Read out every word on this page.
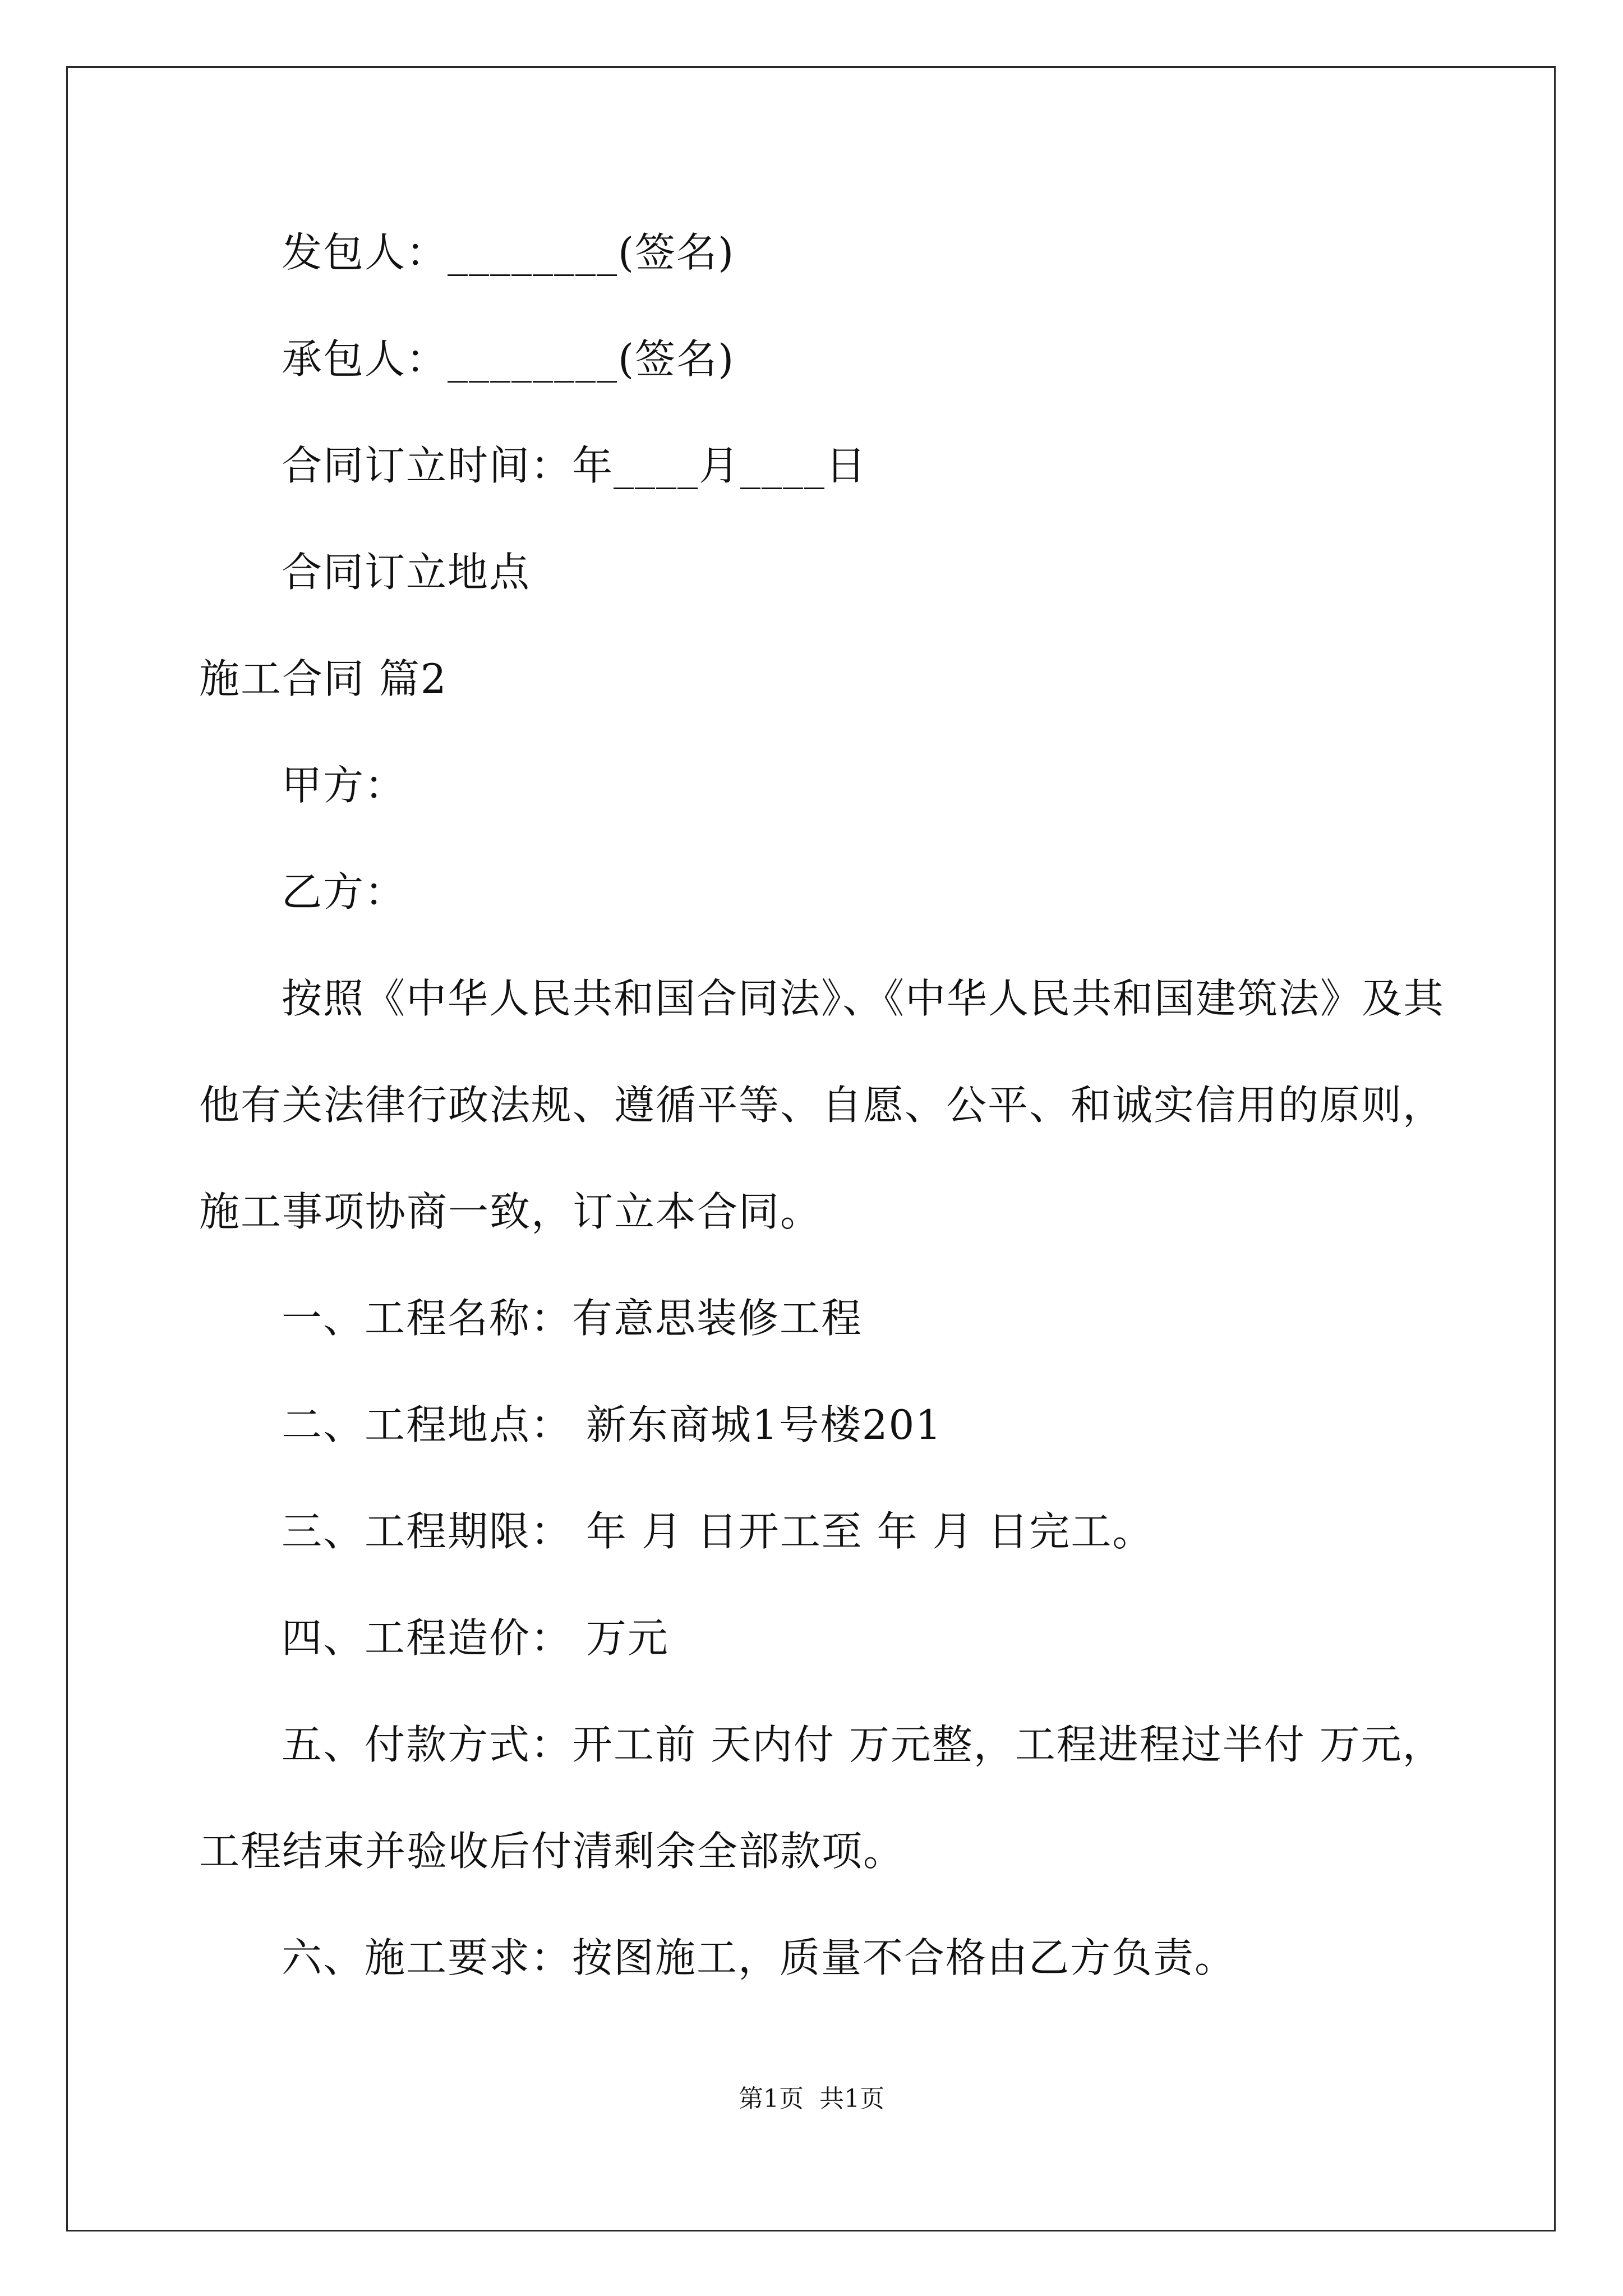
发包人：________(签名)
承包人：________(签名)
合同订立时间：年____月____日
合同订立地点
施工合同 篇2
甲方：
乙方：
按照《中华人民共和国合同法》、《中华人民共和国建筑法》及其
他有关法律行政法规、遵循平等、自愿、公平、和诚实信用的原则，
施工事项协商一致，订立本合同。
一、工程名称：有意思装修工程
二、工程地点： 新东商城1号楼201
三、工程期限： 年 月 日开工至 年 月 日完工。
四、工程造价： 万元
五、付款方式：开工前 天内付 万元整，工程进程过半付 万元，
工程结束并验收后付清剩余全部款项。
六、施工要求：按图施工，质量不合格由乙方负责。
第1页  共1页
